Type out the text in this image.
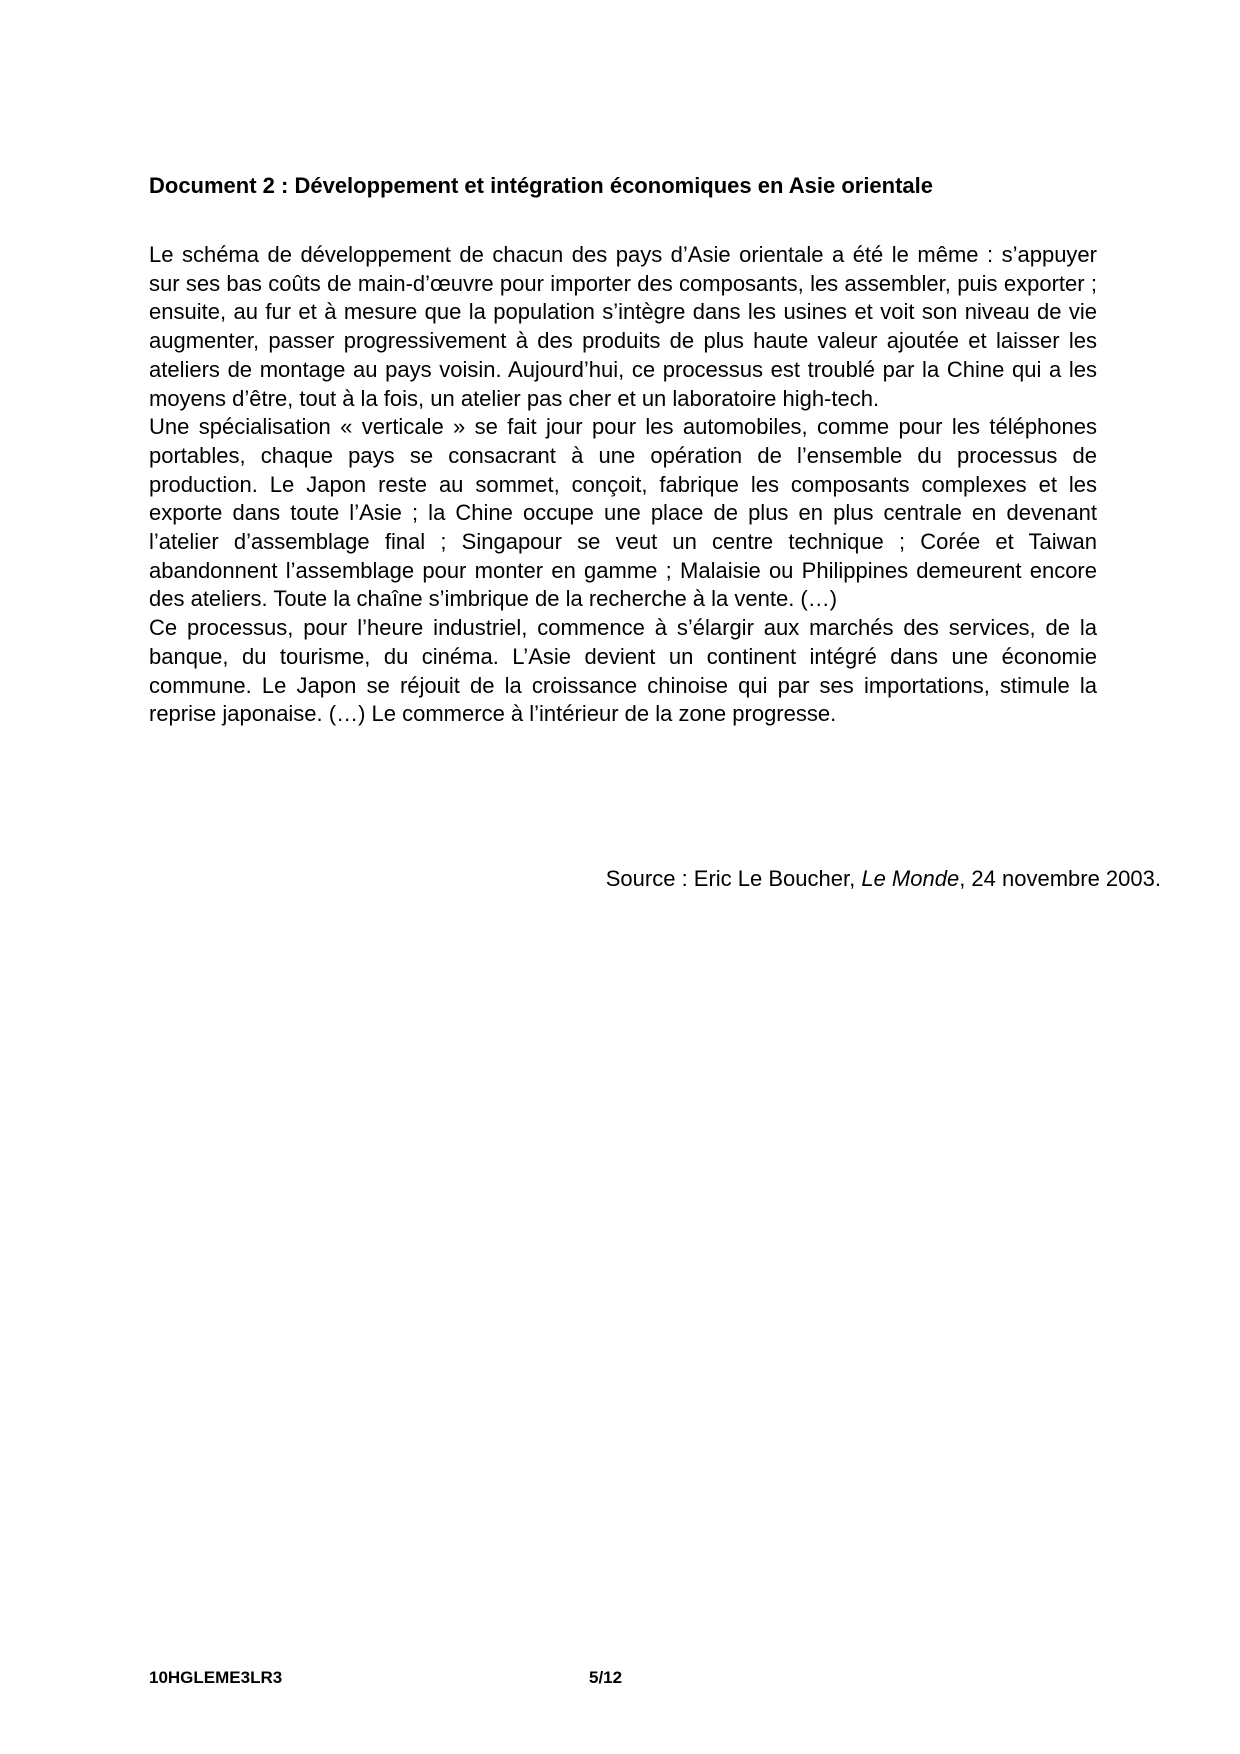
Document 2 : Développement et intégration économiques en Asie orientale

Le schéma de développement de chacun des pays d’Asie orientale a été le même : s’appuyer sur ses bas coûts de main-d’œuvre pour importer des composants, les assembler, puis exporter ; ensuite, au fur et à mesure que la population s’intègre dans les usines et voit son niveau de vie augmenter, passer progressivement à des produits de plus haute valeur ajoutée et laisser les ateliers de montage au pays voisin. Aujourd’hui, ce processus est troublé par la Chine qui a les moyens d’être, tout à la fois, un atelier pas cher et un laboratoire high-tech.

Une spécialisation « verticale » se fait jour pour les automobiles, comme pour les téléphones portables, chaque pays se consacrant à une opération de l’ensemble du processus de production. Le Japon reste au sommet, conçoit, fabrique les composants complexes et les exporte dans toute l’Asie ; la Chine occupe une place de plus en plus centrale en devenant l’atelier d’assemblage final ; Singapour se veut un centre technique ; Corée et Taiwan abandonnent l’assemblage pour monter en gamme ; Malaisie ou Philippines demeurent encore des ateliers. Toute la chaîne s’imbrique de la recherche à la vente. (…)

Ce processus, pour l’heure industriel, commence à s’élargir aux marchés des services, de la banque, du tourisme, du cinéma. L’Asie devient un continent intégré dans une économie commune. Le Japon se réjouit de la croissance chinoise qui par ses importations, stimule la reprise japonaise. (…) Le commerce à l’intérieur de la zone progresse.

Source : Eric Le Boucher, Le Monde, 24 novembre 2003.
10HGLEME3LR3	5/12
